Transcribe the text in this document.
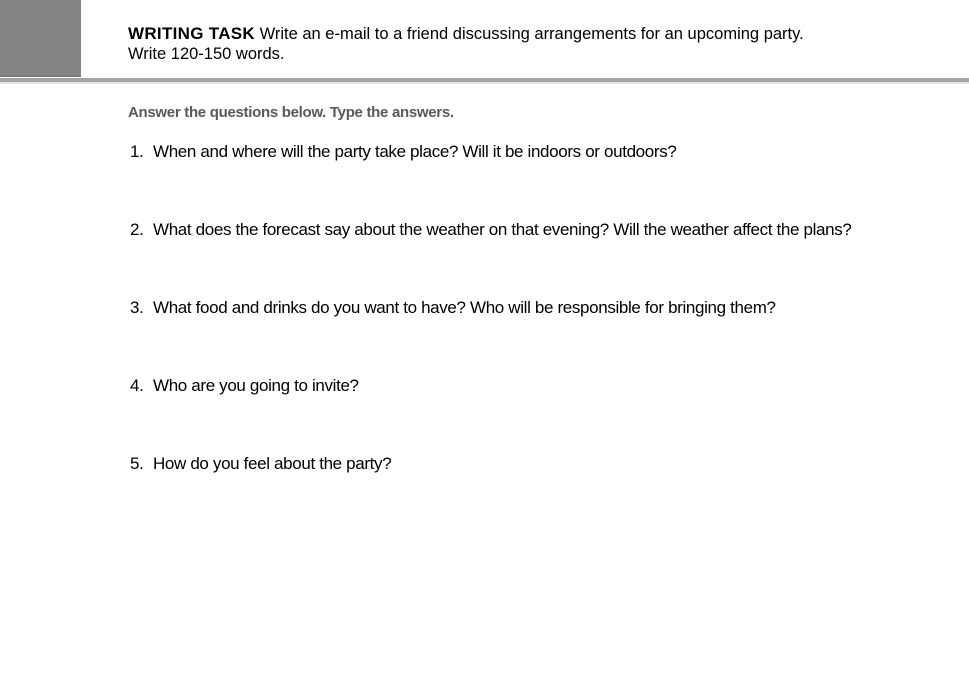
WRITING TASK Write an e-mail to a friend discussing arrangements for an upcoming party.
Write 120-150 words.
Answer the questions below. Type the answers.
1. When and where will the party take place? Will it be indoors or outdoors?
2. What does the forecast say about the weather on that evening? Will the weather affect the plans?
3. What food and drinks do you want to have? Who will be responsible for bringing them?
4. Who are you going to invite?
5. How do you feel about the party?
